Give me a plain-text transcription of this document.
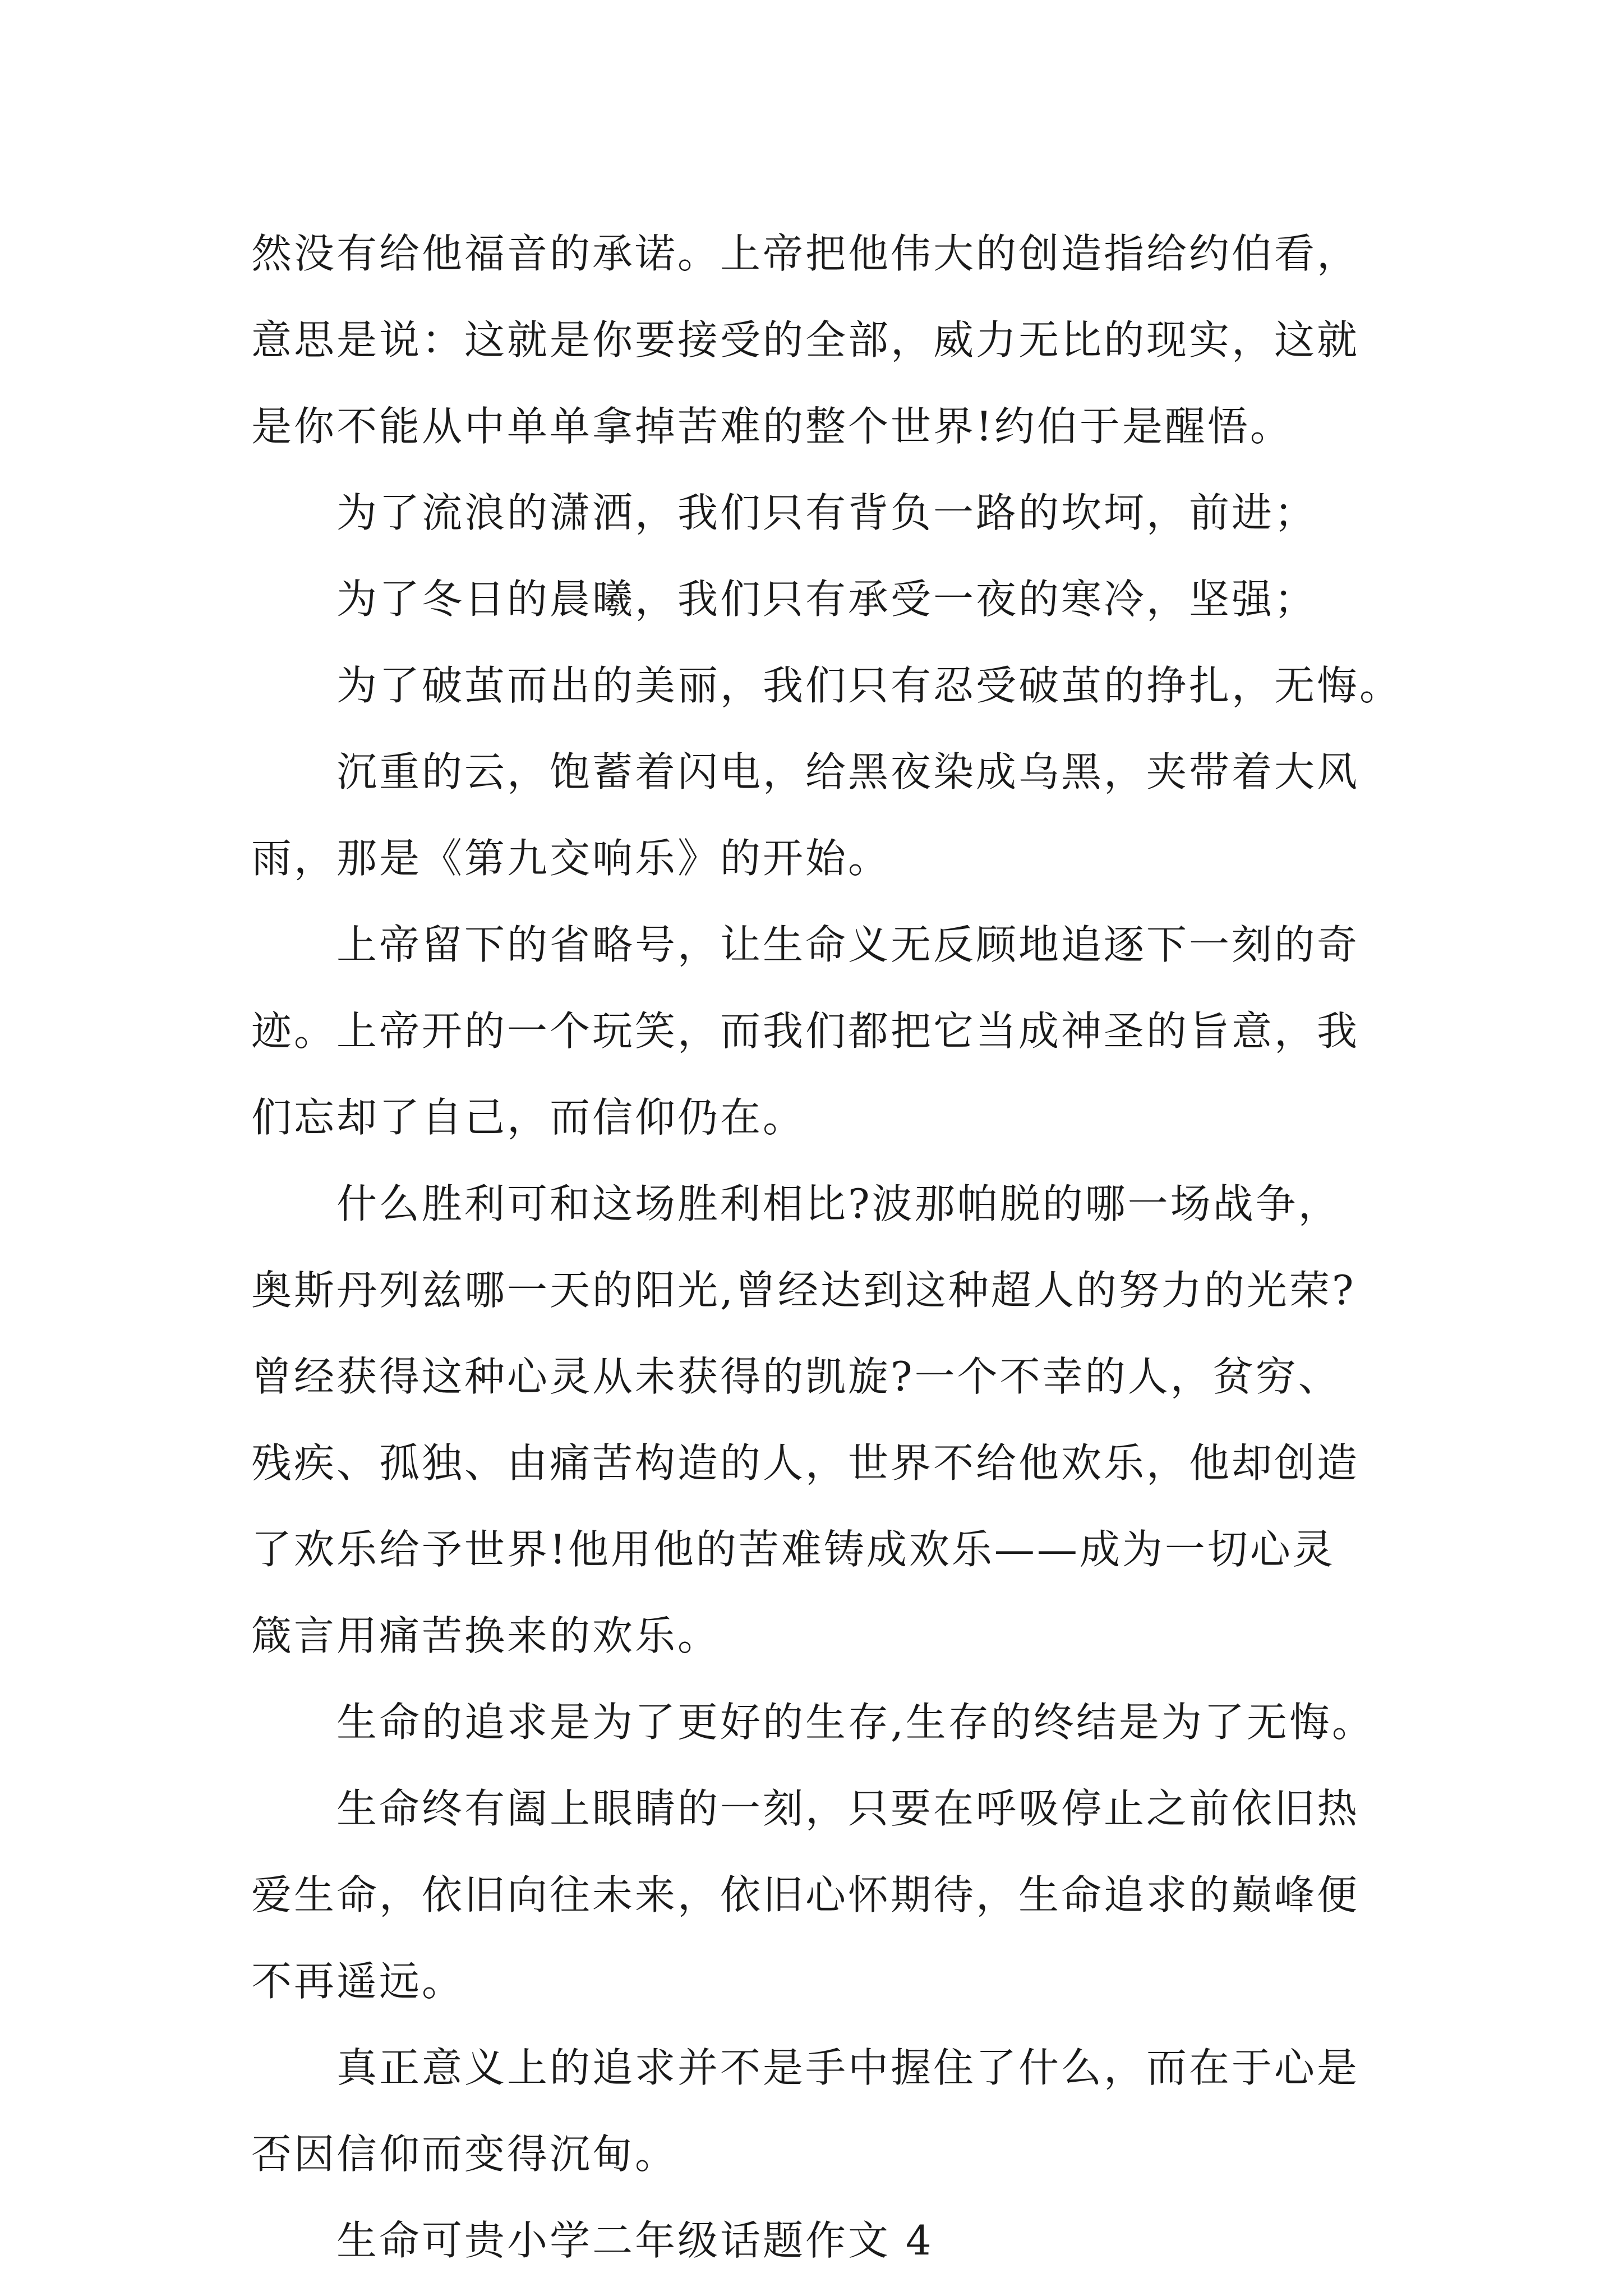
然没有给他福音的承诺。上帝把他伟大的创造指给约伯看，
意思是说：这就是你要接受的全部，威力无比的现实，这就
是你不能从中单单拿掉苦难的整个世界!约伯于是醒悟。
为了流浪的潇洒，我们只有背负一路的坎坷，前进；
为了冬日的晨曦，我们只有承受一夜的寒冷，坚强；
为了破茧而出的美丽，我们只有忍受破茧的挣扎，无悔。
沉重的云，饱蓄着闪电，给黑夜染成乌黑，夹带着大风
雨，那是《第九交响乐》的开始。
上帝留下的省略号，让生命义无反顾地追逐下一刻的奇
迹。上帝开的一个玩笑，而我们都把它当成神圣的旨意，我
们忘却了自己，而信仰仍在。
什么胜利可和这场胜利相比?波那帕脱的哪一场战争，
奥斯丹列兹哪一天的阳光,曾经达到这种超人的努力的光荣?
曾经获得这种心灵从未获得的凯旋?一个不幸的人，贫穷、
残疾、孤独、由痛苦构造的人，世界不给他欢乐，他却创造
了欢乐给予世界!他用他的苦难铸成欢乐——成为一切心灵
箴言用痛苦换来的欢乐。
生命的追求是为了更好的生存,生存的终结是为了无悔。
生命终有阖上眼睛的一刻，只要在呼吸停止之前依旧热
爱生命，依旧向往未来，依旧心怀期待，生命追求的巅峰便
不再遥远。
真正意义上的追求并不是手中握住了什么，而在于心是
否因信仰而变得沉甸。
生命可贵小学二年级话题作文 4
